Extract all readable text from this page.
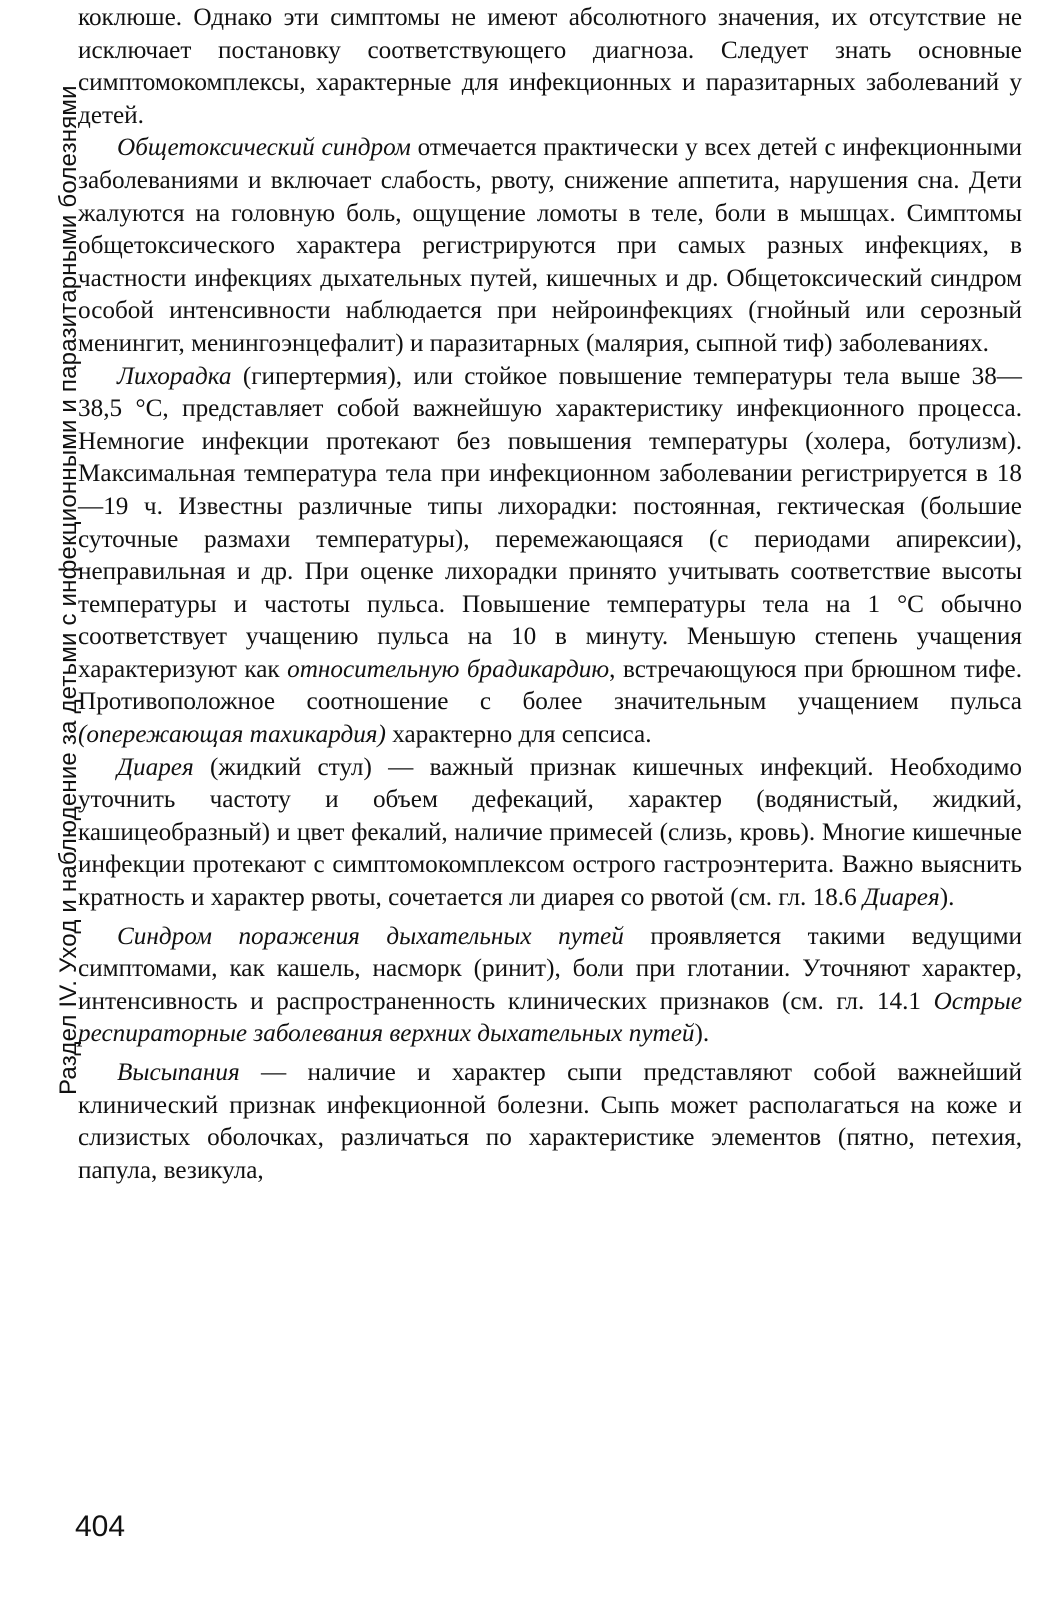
Раздел IV. Уход и наблюдение за детьми с инфекционными и паразитарными болезнями

коклюше. Однако эти симптомы не имеют абсолютного значения, их отсутствие не исключает постановку соответствующего диагноза. Следует знать основные симптомокомплексы, характерные для инфекционных и паразитарных заболеваний у детей.

Общетоксический синдром отмечается практически у всех детей с инфекционными заболеваниями и включает слабость, рвоту, снижение аппетита, нарушения сна. Дети жалуются на головную боль, ощущение ломоты в теле, боли в мышцах. Симптомы общетоксического характера регистрируются при самых разных инфекциях, в частности инфекциях дыхательных путей, кишечных и др. Общетоксический синдром особой интенсивности наблюдается при нейроинфекциях (гнойный или серозный менингит, менингоэнцефалит) и паразитарных (малярия, сыпной тиф) заболеваниях.

Лихорадка (гипертермия), или стойкое повышение температуры тела выше 38—38,5 °С, представляет собой важнейшую характеристику инфекционного процесса. Немногие инфекции протекают без повышения температуры (холера, ботулизм). Максимальная температура тела при инфекционном заболевании регистрируется в 18—19 ч. Известны различные типы лихорадки: постоянная, гектическая (большие суточные размахи температуры), перемежающаяся (с периодами апирексии), неправильная и др. При оценке лихорадки принято учитывать соответствие высоты температуры и частоты пульса. Повышение температуры тела на 1 °С обычно соответствует учащению пульса на 10 в минуту. Меньшую степень учащения характеризуют как относительную брадикардию, встречающуюся при брюшном тифе. Противоположное соотношение с более значительным учащением пульса (опережающая тахикардия) характерно для сепсиса.

Диарея (жидкий стул) — важный признак кишечных инфекций. Необходимо уточнить частоту и объем дефекаций, характер (водянистый, жидкий, кашицеобразный) и цвет фекалий, наличие примесей (слизь, кровь). Многие кишечные инфекции протекают с симптомокомплексом острого гастроэнтерита. Важно выяснить кратность и характер рвоты, сочетается ли диарея со рвотой (см. гл. 18.6 Диарея).

Синдром поражения дыхательных путей проявляется такими ведущими симптомами, как кашель, насморк (ринит), боли при глотании. Уточняют характер, интенсивность и распространенность клинических признаков (см. гл. 14.1 Острые респираторные заболевания верхних дыхательных путей).

Высыпания — наличие и характер сыпи представляют собой важнейший клинический признак инфекционной болезни. Сыпь может располагаться на коже и слизистых оболочках, различаться по характеристике элементов (пятно, петехия, папула, везикула,

404
